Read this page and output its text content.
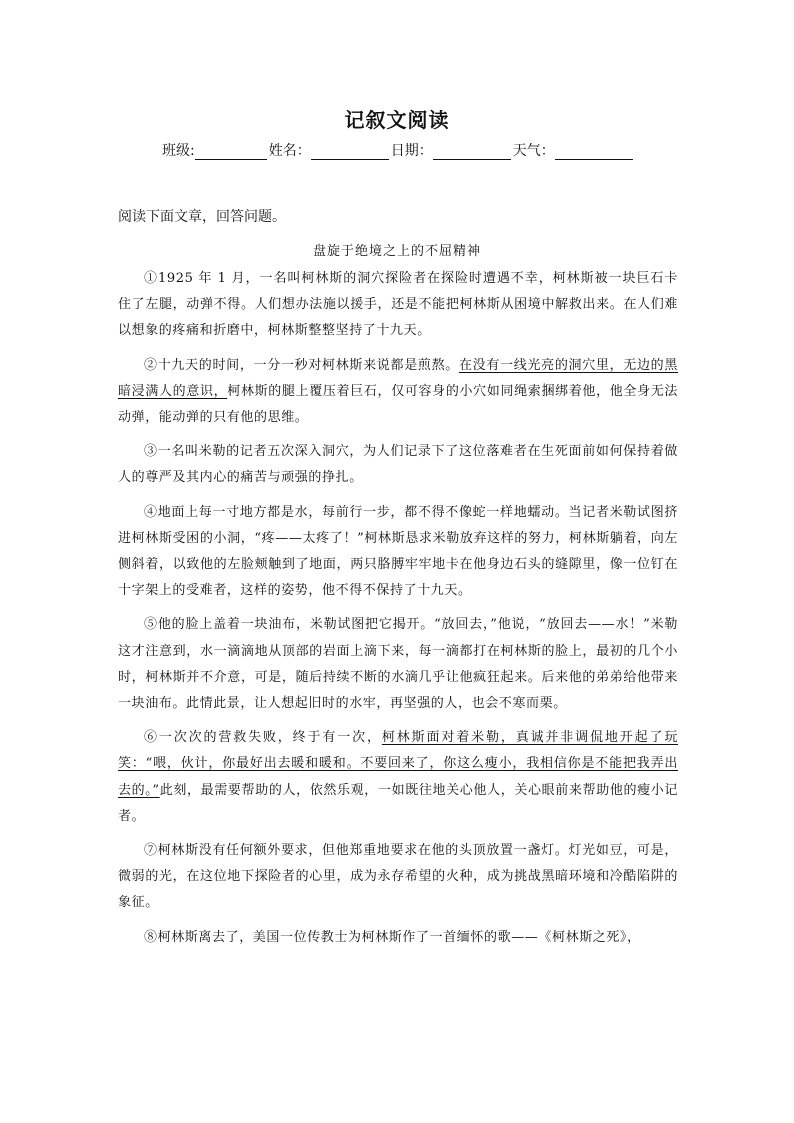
记叙文阅读
班级:	姓名：	日期：	天气：
阅读下面文章，回答问题。
盘旋于绝境之上的不屈精神

①1925 年 1 月，一名叫柯林斯的洞穴探险者在探险时遭遇不幸，柯林斯被一块巨石卡住了左腿，动弹不得。人们想办法施以援手，还是不能把柯林斯从困境中解救出来。在人们难以想象的疼痛和折磨中，柯林斯整整坚持了十九天。

②十九天的时间，一分一秒对柯林斯来说都是煎熬。在没有一线光亮的洞穴里，无边的黑暗浸满人的意识，柯林斯的腿上覆压着巨石，仅可容身的小穴如同绳索捆绑着他，他全身无法动弹，能动弹的只有他的思维。

③一名叫米勒的记者五次深入洞穴，为人们记录下了这位落难者在生死面前如何保持着做人的尊严及其内心的痛苦与顽强的挣扎。

④地面上每一寸地方都是水，每前行一步，都不得不像蛇一样地蠕动。当记者米勒试图挤进柯林斯受困的小洞，“疼——太疼了！”柯林斯恳求米勒放弃这样的努力，柯林斯躺着，向左侧斜着，以致他的左脸颊触到了地面，两只胳膊牢牢地卡在他身边石头的缝隙里，像一位钉在十字架上的受难者，这样的姿势，他不得不保持了十九天。

⑤他的脸上盖着一块油布，米勒试图把它揭开。“放回去，”他说，“放回去——水！”米勒这才注意到，水一滴滴地从顶部的岩面上滴下来，每一滴都打在柯林斯的脸上，最初的几个小时，柯林斯并不介意，可是，随后持续不断的水滴几乎让他疯狂起来。后来他的弟弟给他带来一块油布。此情此景，让人想起旧时的水牢，再坚强的人，也会不寒而栗。

⑥一次次的营救失败，终于有一次，柯林斯面对着米勒，真诚并非调侃地开起了玩笑：“喂，伙计，你最好出去暖和暖和。不要回来了，你这么瘦小，我相信你是不能把我弄出去的。”此刻，最需要帮助的人，依然乐观，一如既往地关心他人，关心眼前来帮助他的瘦小记者。

⑦柯林斯没有任何额外要求，但他郑重地要求在他的头顶放置一盏灯。灯光如豆，可是，微弱的光，在这位地下探险者的心里，成为永存希望的火种，成为挑战黑暗环境和冷酷陷阱的象征。

⑧柯林斯离去了，美国一位传教士为柯林斯作了一首缅怀的歌——《柯林斯之死》，
